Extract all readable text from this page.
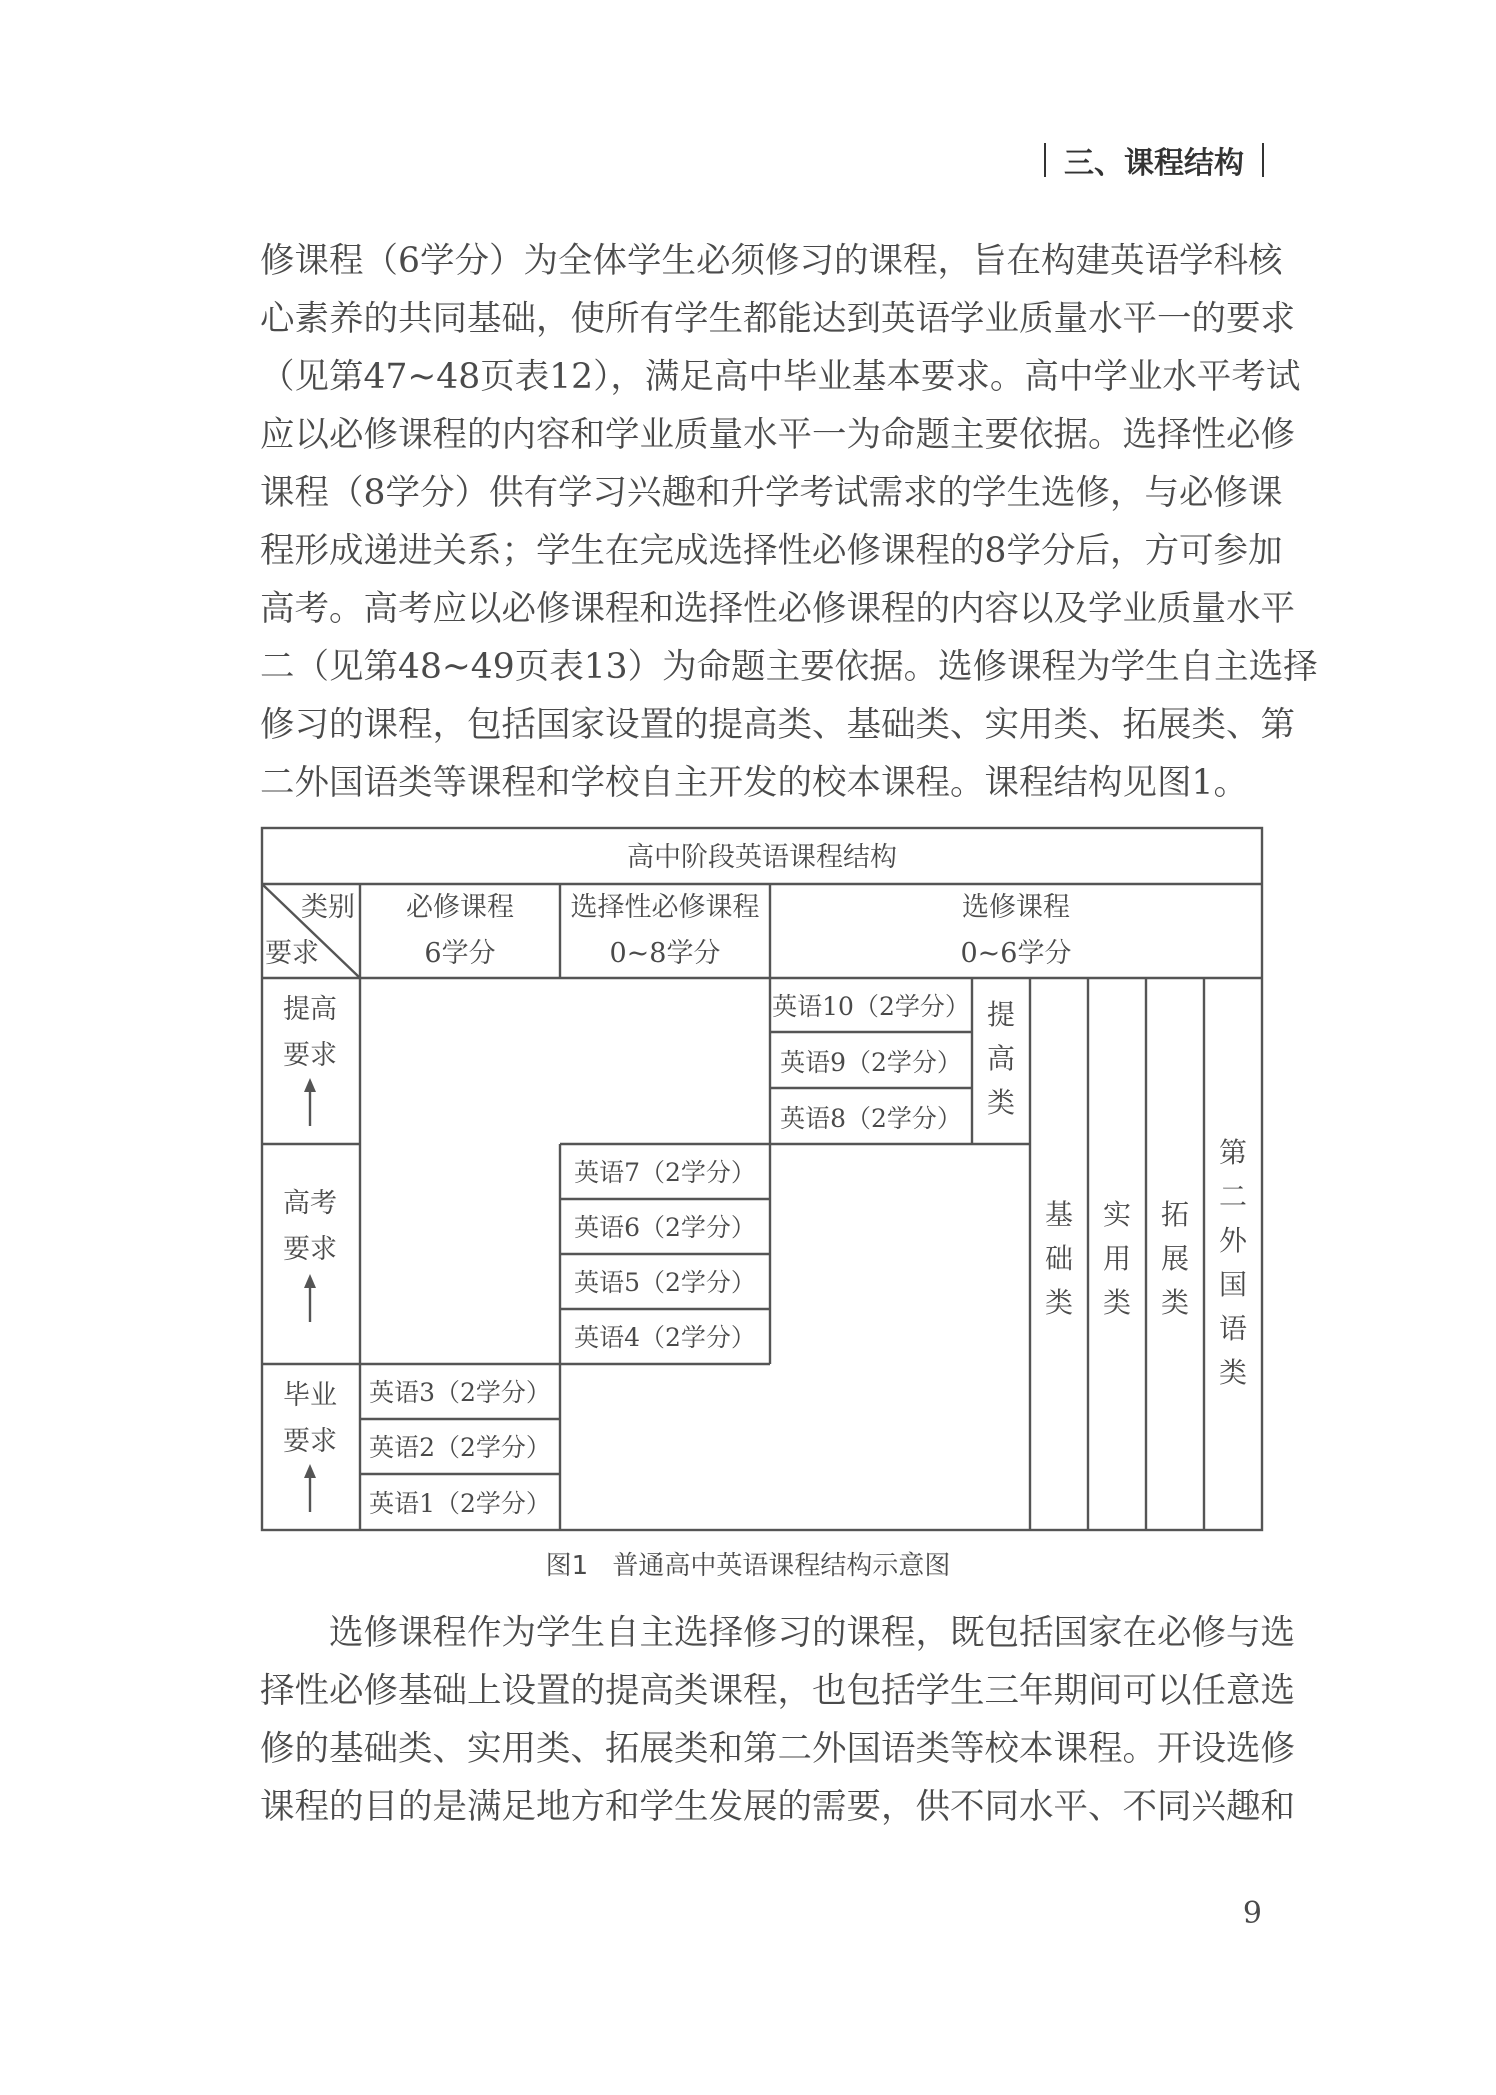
三、课程结构
修课程（6学分）为全体学生必须修习的课程，旨在构建英语学科核
心素养的共同基础，使所有学生都能达到英语学业质量水平一的要求
（见第47~48页表12），满足高中毕业基本要求。高中学业水平考试
应以必修课程的内容和学业质量水平一为命题主要依据。选择性必修
课程（8学分）供有学习兴趣和升学考试需求的学生选修，与必修课
程形成递进关系；学生在完成选择性必修课程的8学分后，方可参加
高考。高考应以必修课程和选择性必修课程的内容以及学业质量水平
二（见第48~49页表13）为命题主要依据。选修课程为学生自主选择
修习的课程，包括国家设置的提高类、基础类、实用类、拓展类、第
二外国语类等课程和学校自主开发的校本课程。课程结构见图1。
高中阶段英语课程结构
类别
要求
必修课程
6学分
选择性必修课程
0~8学分
选修课程
0~6学分
提高
要求
高考
要求
毕业
要求
英语10（2学分）
英语9（2学分）
英语8（2学分）
提
高
类
英语7（2学分）
英语6（2学分）
英语5（2学分）
英语4（2学分）
英语3（2学分）
英语2（2学分）
英语1（2学分）
基
础
类
实
用
类
拓
展
类
第
二
外
国
语
类
图1 普通高中英语课程结构示意图
选修课程作为学生自主选择修习的课程，既包括国家在必修与选
择性必修基础上设置的提高类课程，也包括学生三年期间可以任意选
修的基础类、实用类、拓展类和第二外国语类等校本课程。开设选修
课程的目的是满足地方和学生发展的需要，供不同水平、不同兴趣和
9
